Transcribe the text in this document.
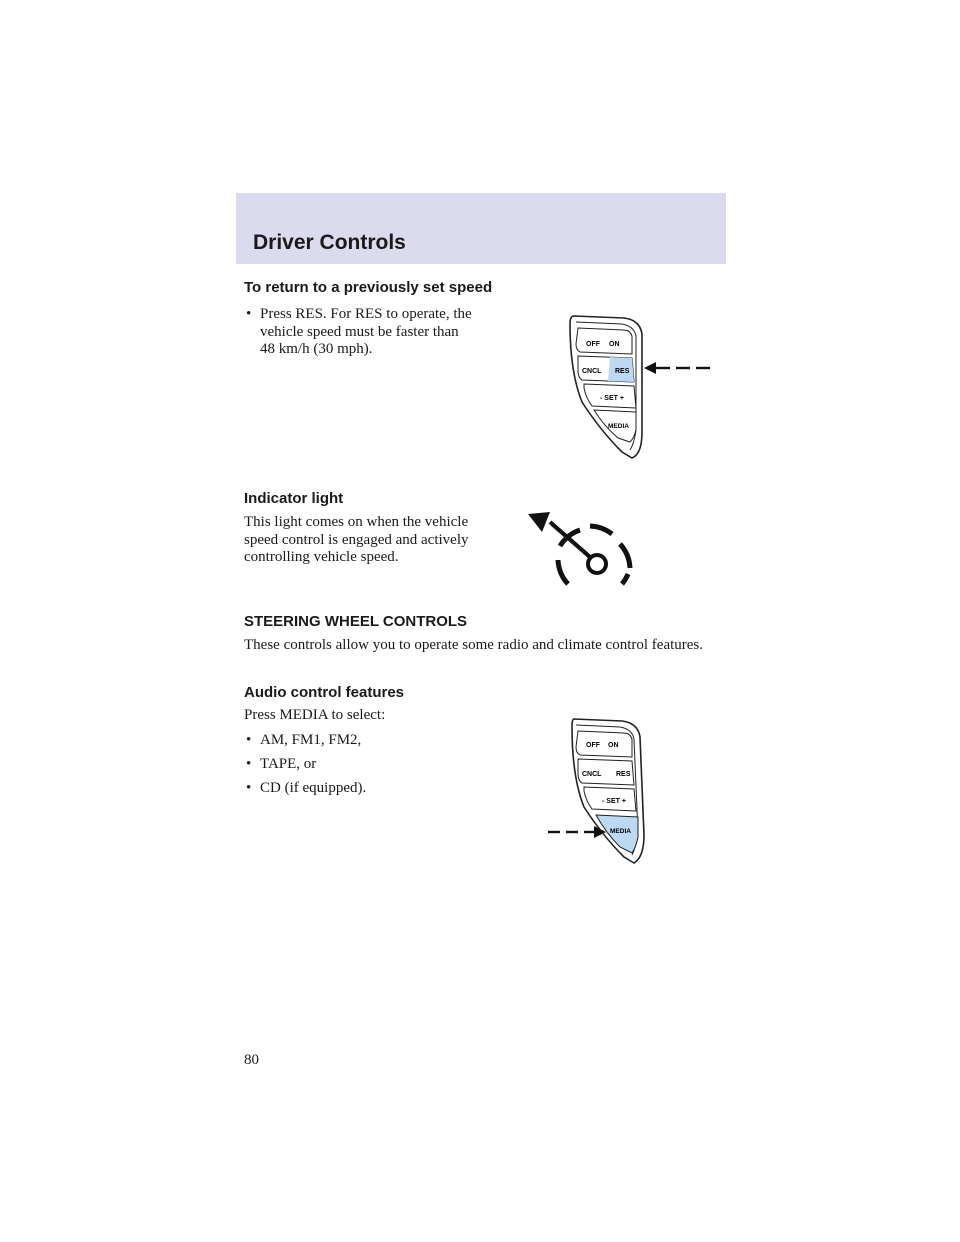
Driver Controls

To return to a previously set speed

• Press RES. For RES to operate, the vehicle speed must be faster than 48 km/h (30 mph).	OFF ON
CNCL RES
- SET +
MEDIA

Indicator light

This light comes on when the vehicle speed control is engaged and actively controlling vehicle speed.

STEERING WHEEL CONTROLS

These controls allow you to operate some radio and climate control features.

Audio control features

Press MEDIA to select:

• AM, FM1, FM2,
• TAPE, or
• CD (if equipped).
OFF ON
CNCL RES
- SET +
MEDIA
80
